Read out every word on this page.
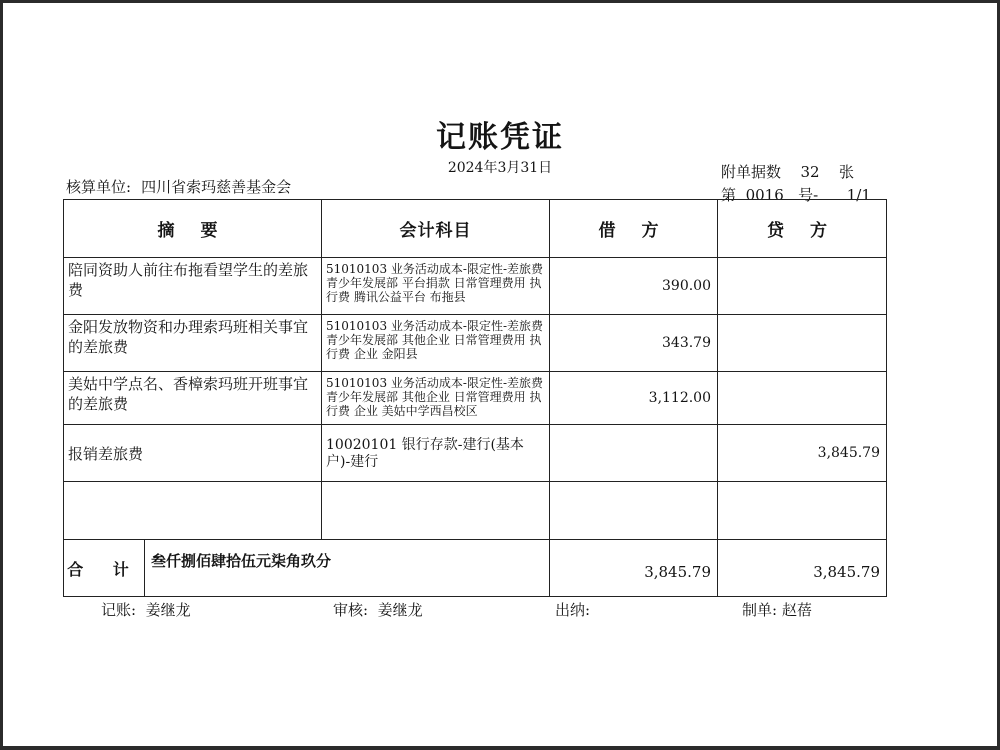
记账凭证
2024年3月31日
核算单位: 四川省索玛慈善基金会
附单据数 32 张
第 0016 号- 1/1
摘 要	会计科目	借 方	贷 方
陪同资助人前往布拖看望学生的差旅费	51010103 业务活动成本-限定性-差旅费 青少年发展部 平台捐款 日常管理费用 执行费 腾讯公益平台 布拖县	390.00	
金阳发放物资和办理索玛班相关事宜的差旅费	51010103 业务活动成本-限定性-差旅费 青少年发展部 其他企业 日常管理费用 执行费 企业 金阳县	343.79	
美姑中学点名、香樟索玛班开班事宜的差旅费	51010103 业务活动成本-限定性-差旅费 青少年发展部 其他企业 日常管理费用 执行费 企业 美姑中学西昌校区	3,112.00	
报销差旅费	10020101 银行存款-建行(基本户)-建行		3,845.79

合 计 叁仟捌佰肆拾伍元柒角玖分		3,845.79	3,845.79
记账: 姜继龙	审核: 姜继龙	出纳:	制单: 赵蓓
